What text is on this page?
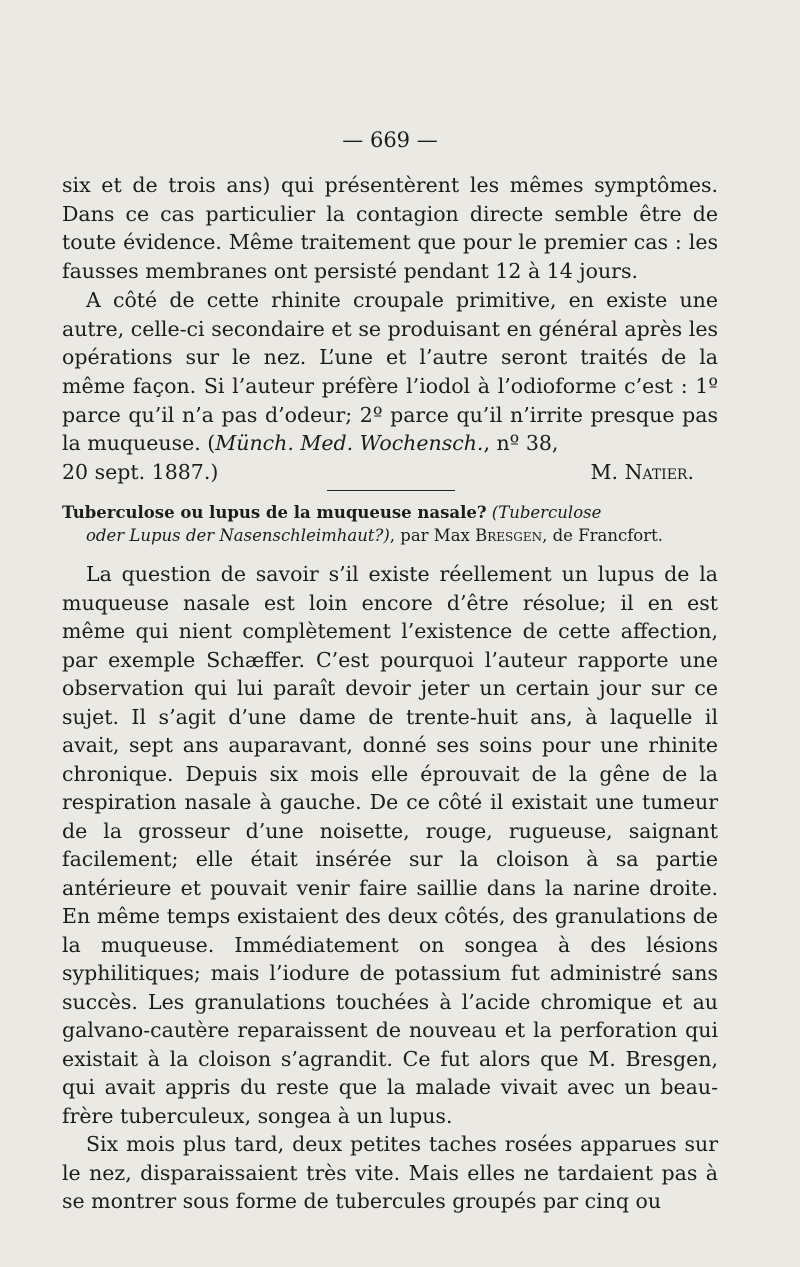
— 669 —

six et de trois ans) qui présentèrent les mêmes symptômes. Dans ce cas particulier la contagion directe semble être de toute évidence. Même traitement que pour le premier cas : les fausses membranes ont persisté pendant 12 à 14 jours.

A côté de cette rhinite croupale primitive, en existe une autre, celle-ci secondaire et se produisant en général après les opérations sur le nez. L’une et l’autre seront traités de la même façon. Si l’auteur préfère l’iodol à l’odioforme c’est : 1º parce qu’il n’a pas d’odeur; 2º parce qu’il n’irrite presque pas la muqueuse. (Münch. Med. Wochensch., nº 38,

20 sept. 1887.)	M. Natier.

Tuberculose ou lupus de la muqueuse nasale? (Tuberculose
oder Lupus der Nasenschleimhaut?), par Max Bresgen, de Francfort.

La question de savoir s’il existe réellement un lupus de la muqueuse nasale est loin encore d’être résolue; il en est même qui nient complètement l’existence de cette affection, par exemple Schæffer. C’est pourquoi l’auteur rapporte une observation qui lui paraît devoir jeter un certain jour sur ce sujet. Il s’agit d’une dame de trente-huit ans, à laquelle il avait, sept ans auparavant, donné ses soins pour une rhinite chronique. Depuis six mois elle éprouvait de la gêne de la respiration nasale à gauche. De ce côté il existait une tumeur de la grosseur d’une noisette, rouge, rugueuse, saignant facilement; elle était insérée sur la cloison à sa partie antérieure et pouvait venir faire saillie dans la narine droite. En même temps existaient des deux côtés, des granulations de la muqueuse. Immédiatement on songea à des lésions syphilitiques; mais l’iodure de potassium fut administré sans succès. Les granulations touchées à l’acide chromique et au galvano-cautère reparaissent de nouveau et la perforation qui existait à la cloison s’agrandit. Ce fut alors que M. Bresgen, qui avait appris du reste que la malade vivait avec un beau-frère tuberculeux, songea à un lupus.

Six mois plus tard, deux petites taches rosées apparues sur le nez, disparaissaient très vite. Mais elles ne tardaient pas à se montrer sous forme de tubercules groupés par cinq ou
